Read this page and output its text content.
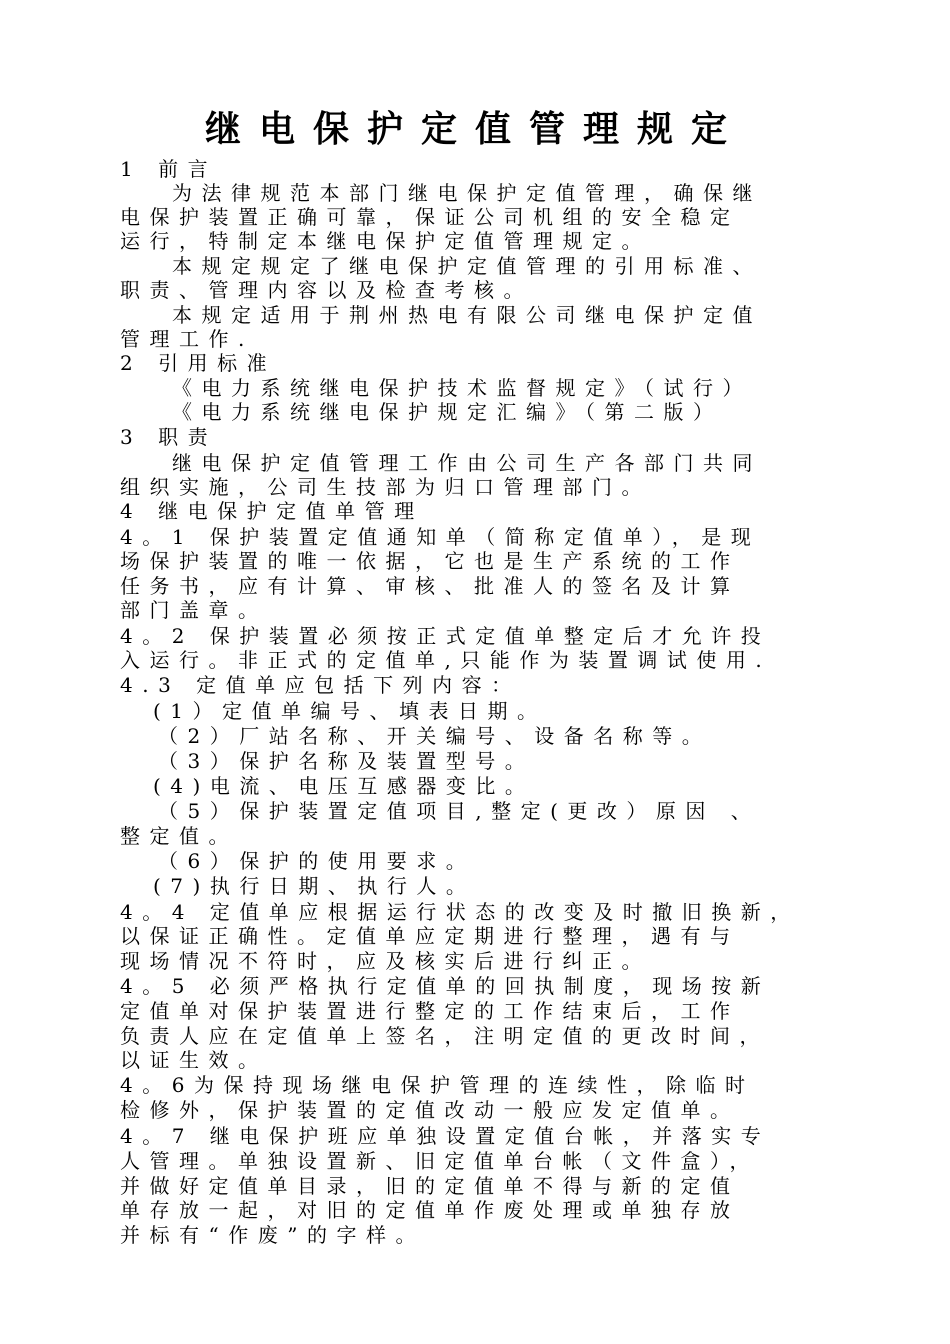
继电保护定值管理规定
1 前言
为法律规范本部门继电保护定值管理，确保继
电保护装置正确可靠，保证公司机组的安全稳定
运行，特制定本继电保护定值管理规定。
本规定规定了继电保护定值管理的引用标准、
职责、管理内容以及检查考核。
本规定适用于荆州热电有限公司继电保护定值
管理工作.
2 引用标准
《电力系统继电保护技术监督规定》（试行）
《电力系统继电保护规定汇编》（第二版）
3 职责
继电保护定值管理工作由公司生产各部门共同
组织实施，公司生技部为归口管理部门。
4 继电保护定值单管理
4。1 保护装置定值通知单（简称定值单），是现
场保护装置的唯一依据，它也是生产系统的工作
任务书，应有计算、审核、批准人的签名及计算
部门盖章。
4。2 保护装置必须按正式定值单整定后才允许投
入运行。非正式的定值单,只能作为装置调试使用.
4.3 定值单应包括下列内容：
(1）定值单编号、填表日期。
（2）厂站名称、开关编号、设备名称等。
（3）保护名称及装置型号。
(4)电流、电压互感器变比。
（5）保护装置定值项目,整定(更改）原因 、
整定值。
（6）保护的使用要求。
(7)执行日期、执行人。
4。4 定值单应根据运行状态的改变及时撤旧换新，
以保证正确性。定值单应定期进行整理，遇有与
现场情况不符时，应及核实后进行纠正。
4。5 必须严格执行定值单的回执制度，现场按新
定值单对保护装置进行整定的工作结束后，工作
负责人应在定值单上签名，注明定值的更改时间，
以证生效。
4。6为保持现场继电保护管理的连续性，除临时
检修外，保护装置的定值改动一般应发定值单。
4。7 继电保护班应单独设置定值台帐，并落实专
人管理。单独设置新、旧定值单台帐（文件盒），
并做好定值单目录，旧的定值单不得与新的定值
单存放一起，对旧的定值单作废处理或单独存放
并标有“作废”的字样。
